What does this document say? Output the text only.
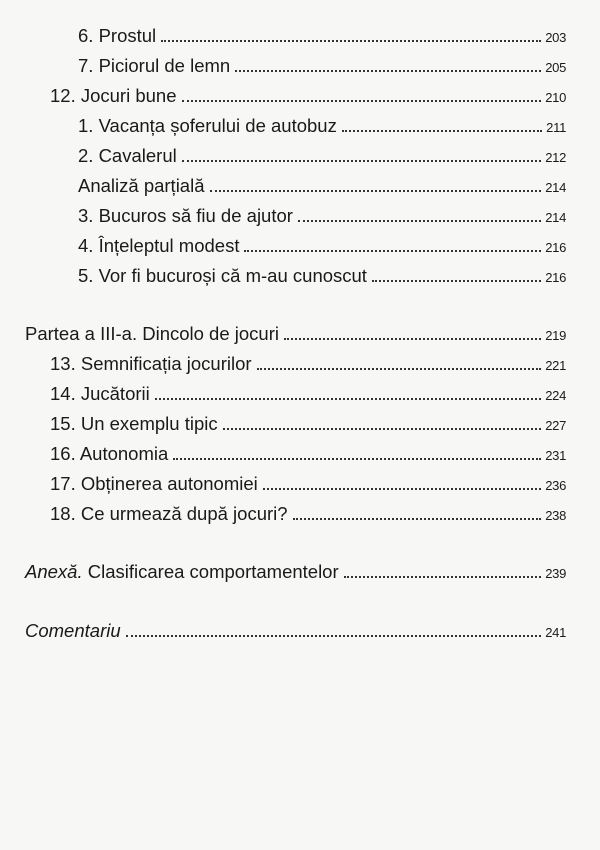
6. Prostul	203
7. Piciorul de lemn	205
12. Jocuri bune	210
1. Vacanța șoferului de autobuz	211
2. Cavalerul	212
Analiză parțială	214
3. Bucuros să fiu de ajutor	214
4. Înțeleptul modest	216
5. Vor fi bucuroși că m-au cunoscut	216
Partea a III-a. Dincolo de jocuri	219
13. Semnificația jocurilor	221
14. Jucătorii	224
15. Un exemplu tipic	227
16. Autonomia	231
17. Obținerea autonomiei	236
18. Ce urmează după jocuri?	238
Anexă. Clasificarea comportamentelor	239
Comentariu	241
